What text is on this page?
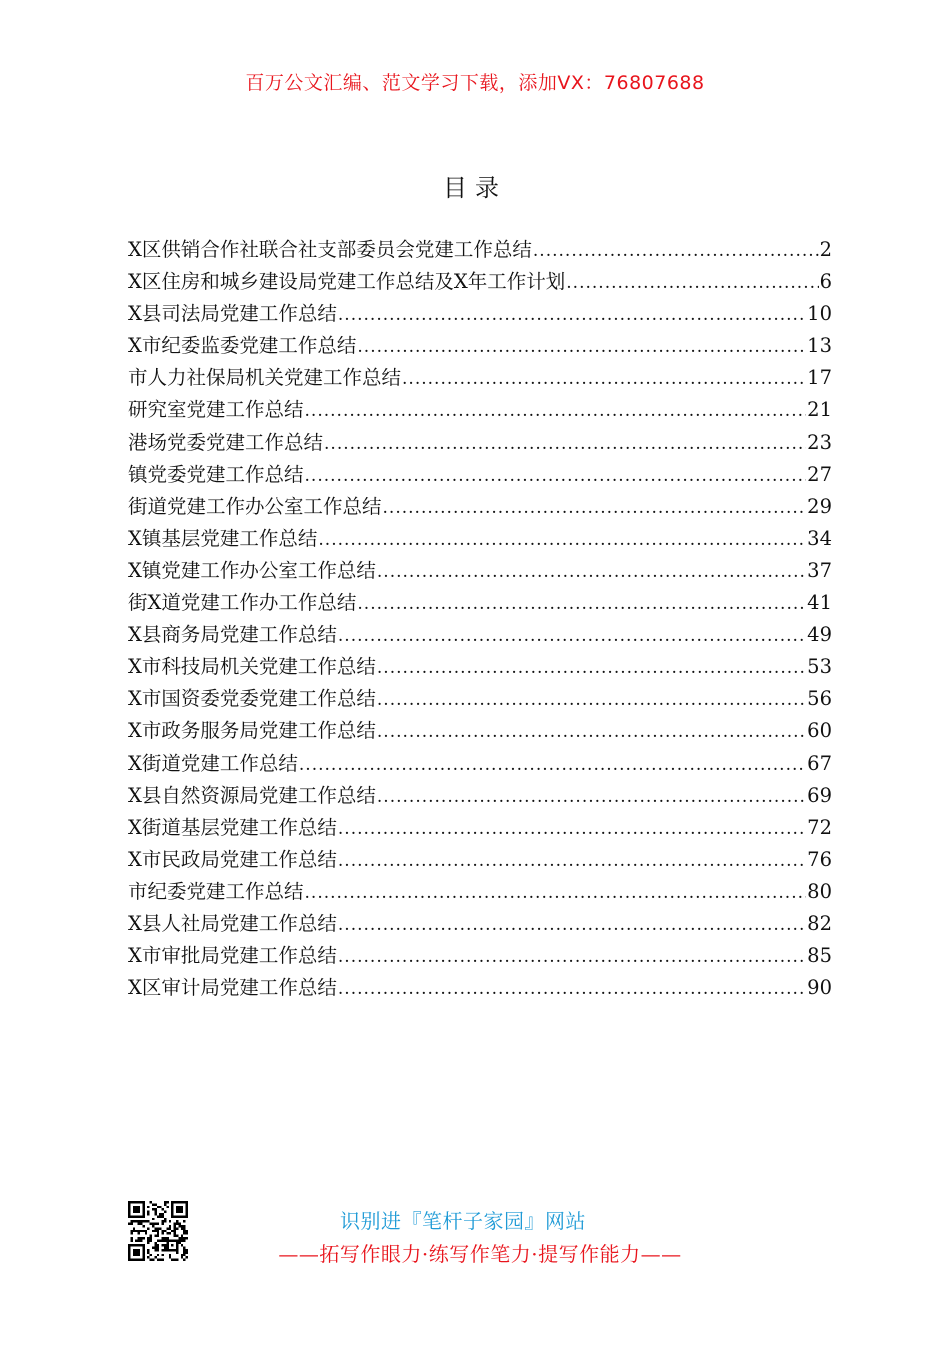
百万公文汇编、范文学习下载，添加VX：76807688
目录
X区供销合作社联合社支部委员会党建工作总结 .....	2
X区住房和城乡建设局党建工作总结及X年工作计划 .....	6
X县司法局党建工作总结 .....	10
X市纪委监委党建工作总结 .....	13
市人力社保局机关党建工作总结 .....	17
研究室党建工作总结 .....	21
港场党委党建工作总结 .....	23
镇党委党建工作总结 .....	27
街道党建工作办公室工作总结 .....	29
X镇基层党建工作总结 .....	34
X镇党建工作办公室工作总结 .....	37
街X道党建工作办工作总结 .....	41
X县商务局党建工作总结 .....	49
X市科技局机关党建工作总结 .....	53
X市国资委党委党建工作总结 .....	56
X市政务服务局党建工作总结 .....	60
X街道党建工作总结 .....	67
X县自然资源局党建工作总结 .....	69
X街道基层党建工作总结 .....	72
X市民政局党建工作总结 .....	76
市纪委党建工作总结 .....	80
X县人社局党建工作总结 .....	82
X市审批局党建工作总结 .....	85
X区审计局党建工作总结 .....	90
识别进『笔杆子家园』网站
——拓写作眼力·练写作笔力·提写作能力——
